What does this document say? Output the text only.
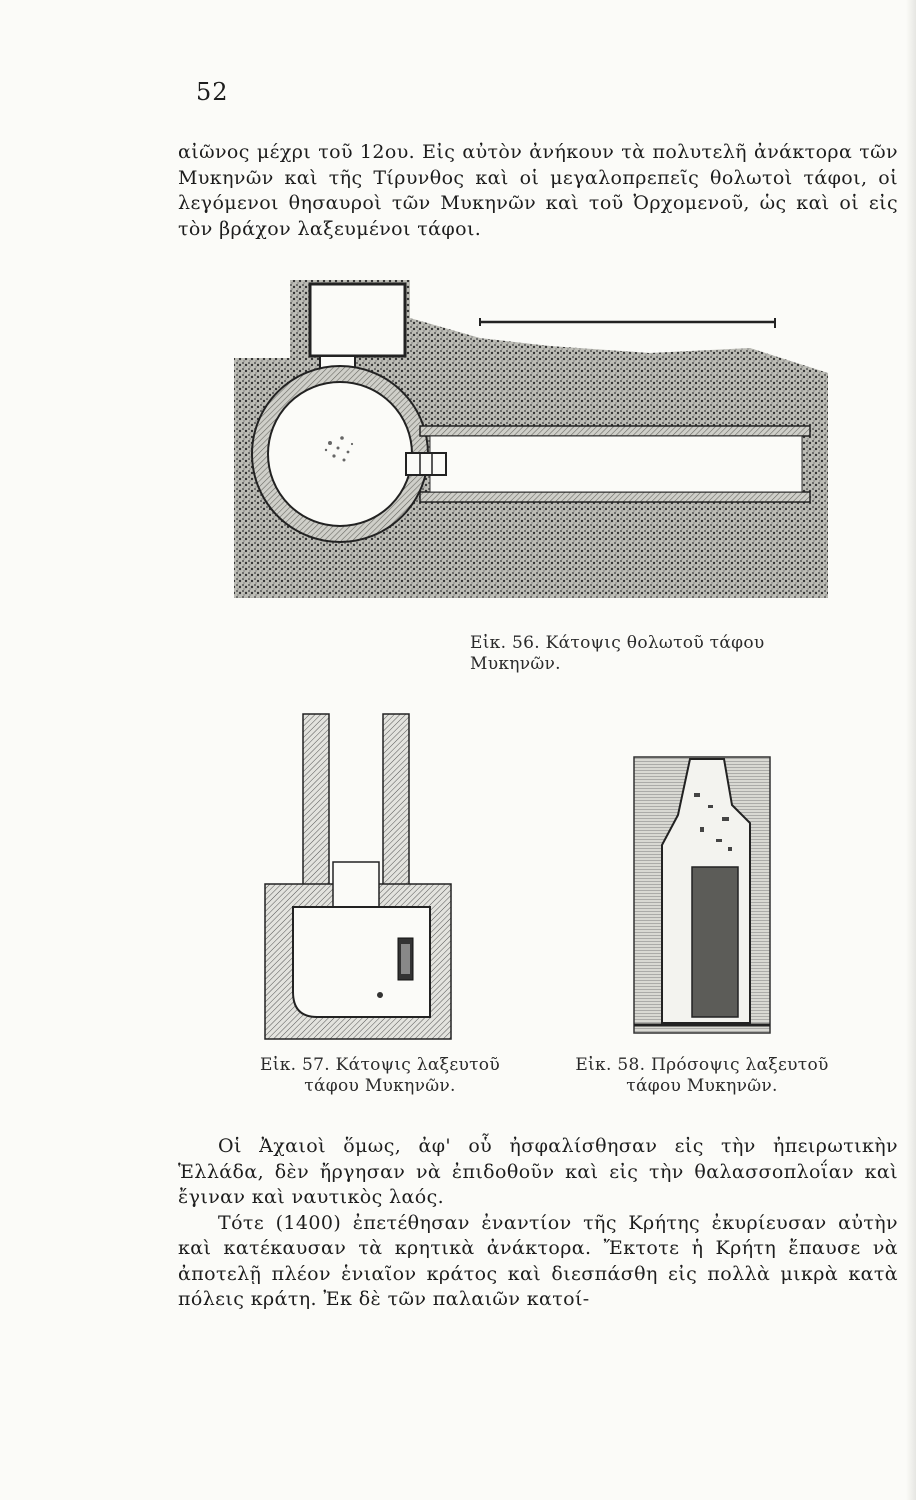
52

αἰῶνος μέχρι τοῦ 12ου. Εἰς αὐτὸν ἀνήκουν τὰ πολυτελῆ ἀνάκτορα τῶν Μυκηνῶν καὶ τῆς Τίρυνθος καὶ οἱ μεγαλοπρεπεῖς θολωτοὶ τάφοι, οἱ λεγόμενοι θησαυροὶ τῶν Μυκηνῶν καὶ τοῦ Ὀρχομενοῦ, ὡς καὶ οἱ εἰς τὸν βράχον λαξευμένοι τάφοι.

Εἰκ. 56. Κάτοψις θολωτοῦ τάφου Μυκηνῶν.
Εἰκ. 57. Κάτοψις λαξευτοῦ
τάφου Μυκηνῶν.
Εἰκ. 58. Πρόσοψις λαξευτοῦ
τάφου Μυκηνῶν.

Οἱ Ἀχαιοὶ ὅμως, ἀφ' οὗ ἠσφαλίσθησαν εἰς τὴν ἠπειρωτικὴν Ἑλλάδα, δὲν ἤργησαν νὰ ἐπιδοθοῦν καὶ εἰς τὴν θαλασσοπλοΐαν καὶ ἔγιναν καὶ ναυτικὸς λαός.

Τότε (1400) ἐπετέθησαν ἐναντίον τῆς Κρήτης ἐκυρίευσαν αὐτὴν καὶ κατέκαυσαν τὰ κρητικὰ ἀνάκτορα. Ἔκτοτε ἡ Κρήτη ἔπαυσε νὰ ἀποτελῇ πλέον ἑνιαῖον κράτος καὶ διεσπάσθη εἰς πολλὰ μικρὰ κατὰ πόλεις κράτη. Ἐκ δὲ τῶν παλαιῶν κατοί-
